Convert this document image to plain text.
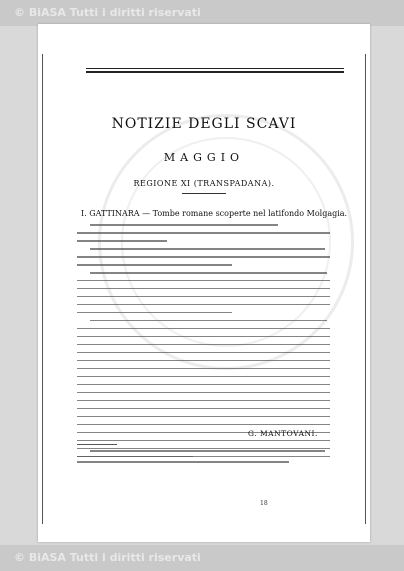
© BiASA Tutti i diritti riservati
NOTIZIE DEGLI SCAVI
MAGGIO
REGIONE XI (TRANSPADANA).
I. GATTINARA — Tombe romane scoperte nel latifondo Molgagia.
G. MANTOVANI.
18
© BiASA Tutti i diritti riservati
